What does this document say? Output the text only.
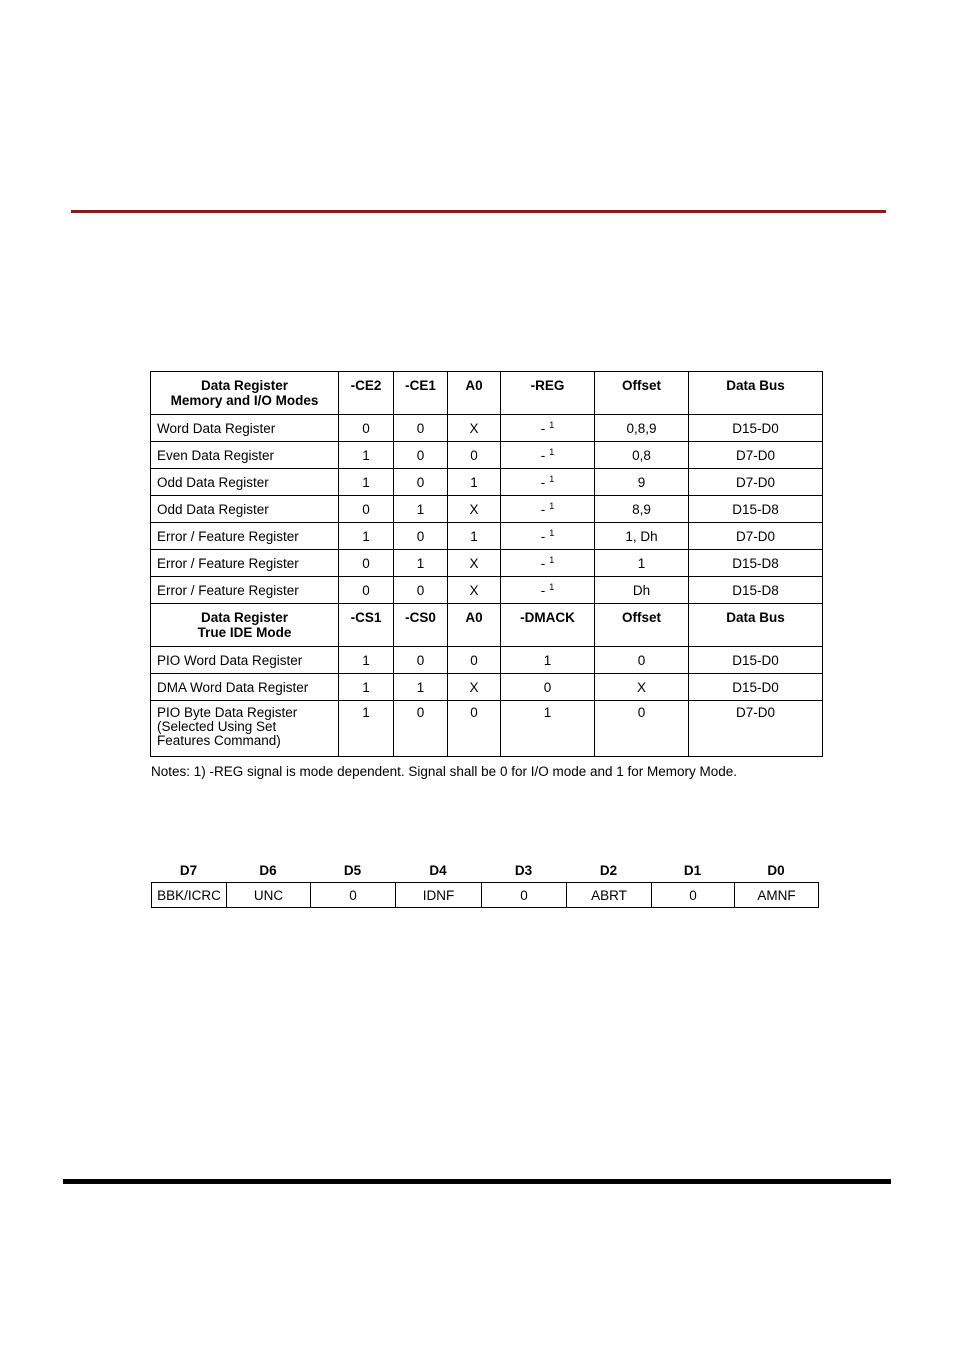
Data Register
Memory and I/O Modes	-CE2	-CE1	A0	-REG	Offset	Data Bus
Word Data Register	0	0	X	- $^1$	0,8,9	D15-D0
Even Data Register	1	0	0	- $^1$	0,8	D7-D0
Odd Data Register	1	0	1	- $^1$	9	D7-D0
Odd Data Register	0	1	X	- $^1$	8,9	D15-D8
Error / Feature Register	1	0	1	- $^1$	1, Dh	D7-D0
Error / Feature Register	0	1	X	- $^1$	1	D15-D8
Error / Feature Register	0	0	X	- $^1$	Dh	D15-D8
Data Register
True IDE Mode	-CS1	-CS0	A0	-DMACK	Offset	Data Bus
PIO Word Data Register	1	0	0	1	0	D15-D0
DMA Word Data Register	1	1	X	0	X	D15-D0
PIO Byte Data Register
(Selected Using Set
Features Command)	1	0	0	1	0	D7-D0
Notes: 1) -REG signal is mode dependent. Signal shall be 0 for I/O mode and 1 for Memory Mode.
D7	D6	D5	D4	D3	D2	D1	D0
BBK/ICRC	UNC	0	IDNF	0	ABRT	0	AMNF
